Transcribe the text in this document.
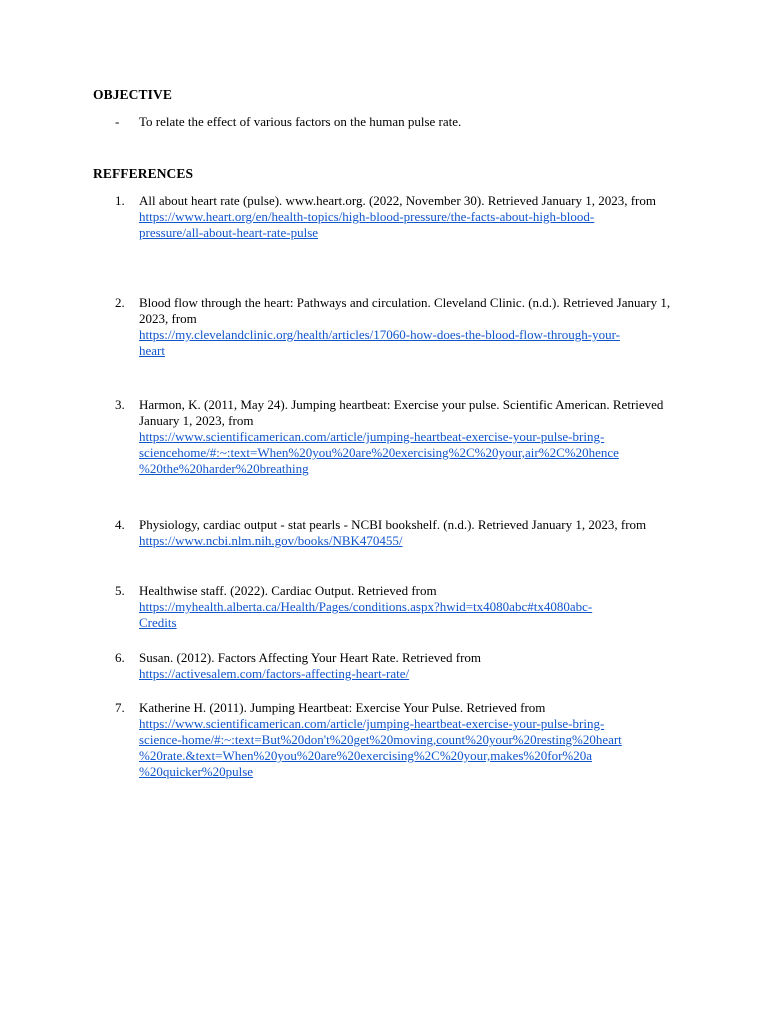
OBJECTIVE
-	To relate the effect of various factors on the human pulse rate.
REFFERENCES
1.	All about heart rate (pulse). www.heart.org. (2022, November 30). Retrieved January 1, 2023, from
https://www.heart.org/en/health-topics/high-blood-pressure/the-facts-about-high-blood-
pressure/all-about-heart-rate-pulse
2.	Blood flow through the heart: Pathways and circulation. Cleveland Clinic. (n.d.). Retrieved January 1, 2023, from
https://my.clevelandclinic.org/health/articles/17060-how-does-the-blood-flow-through-your-
heart
3.	Harmon, K. (2011, May 24). Jumping heartbeat: Exercise your pulse. Scientific American. Retrieved January 1, 2023, from
https://www.scientificamerican.com/article/jumping-heartbeat-exercise-your-pulse-bring-
sciencehome/#:~:text=When%20you%20are%20exercising%2C%20your,air%2C%20hence
%20the%20harder%20breathing
4.	Physiology, cardiac output - stat pearls - NCBI bookshelf. (n.d.). Retrieved January 1, 2023, from
https://www.ncbi.nlm.nih.gov/books/NBK470455/
5.	Healthwise staff. (2022). Cardiac Output. Retrieved from
https://myhealth.alberta.ca/Health/Pages/conditions.aspx?hwid=tx4080abc#tx4080abc-
Credits
6.	Susan. (2012). Factors Affecting Your Heart Rate. Retrieved from
https://activesalem.com/factors-affecting-heart-rate/
7.	Katherine H. (2011). Jumping Heartbeat: Exercise Your Pulse. Retrieved from
https://www.scientificamerican.com/article/jumping-heartbeat-exercise-your-pulse-bring-
science-home/#:~:text=But%20don't%20get%20moving,count%20your%20resting%20heart
%20rate.&text=When%20you%20are%20exercising%2C%20your,makes%20for%20a
%20quicker%20pulse
